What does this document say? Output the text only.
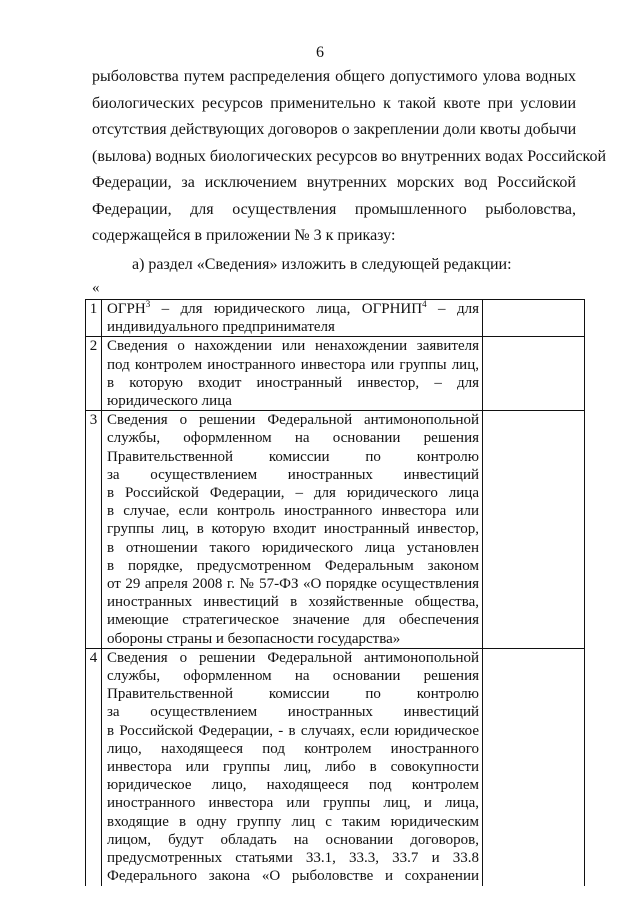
6

рыболовства путем распределения общего допустимого улова водных
биологических ресурсов применительно к такой квоте при условии
отсутствия действующих договоров о закреплении доли квоты добычи
(вылова) водных биологических ресурсов во внутренних водах Российской
Федерации, за исключением внутренних морских вод Российской
Федерации, для осуществления промышленного рыболовства,
содержащейся в приложении № 3 к приказу:

а) раздел «Сведения» изложить в следующей редакции:

«
1 ОГРН$^3$ – для юридического лица, ОГРНИП$^4$ – для
индивидуального предпринимателя
2 Сведения о нахождении или ненахождении заявителя
под контролем иностранного инвестора или группы лиц,
в которую входит иностранный инвестор, – для
юридического лица
3 Сведения о решении Федеральной антимонопольной
службы, оформленном на основании решения
Правительственной комиссии по контролю
за осуществлением иностранных инвестиций
в Российской Федерации, – для юридического лица
в случае, если контроль иностранного инвестора или
группы лиц, в которую входит иностранный инвестор,
в отношении такого юридического лица установлен
в порядке, предусмотренном Федеральным законом
от 29 апреля 2008 г. № 57-ФЗ «О порядке осуществления
иностранных инвестиций в хозяйственные общества,
имеющие стратегическое значение для обеспечения
обороны страны и безопасности государства»
4 Сведения о решении Федеральной антимонопольной
службы, оформленном на основании решения
Правительственной комиссии по контролю
за осуществлением иностранных инвестиций
в Российской Федерации, - в случаях, если юридическое
лицо, находящееся под контролем иностранного
инвестора или группы лиц, либо в совокупности
юридическое лицо, находящееся под контролем
иностранного инвестора или группы лиц, и лица,
входящие в одну группу лиц с таким юридическим
лицом, будут обладать на основании договоров,
предусмотренных статьями 33.1, 33.3, 33.7 и 33.8
Федерального закона «О рыболовстве и сохранении
